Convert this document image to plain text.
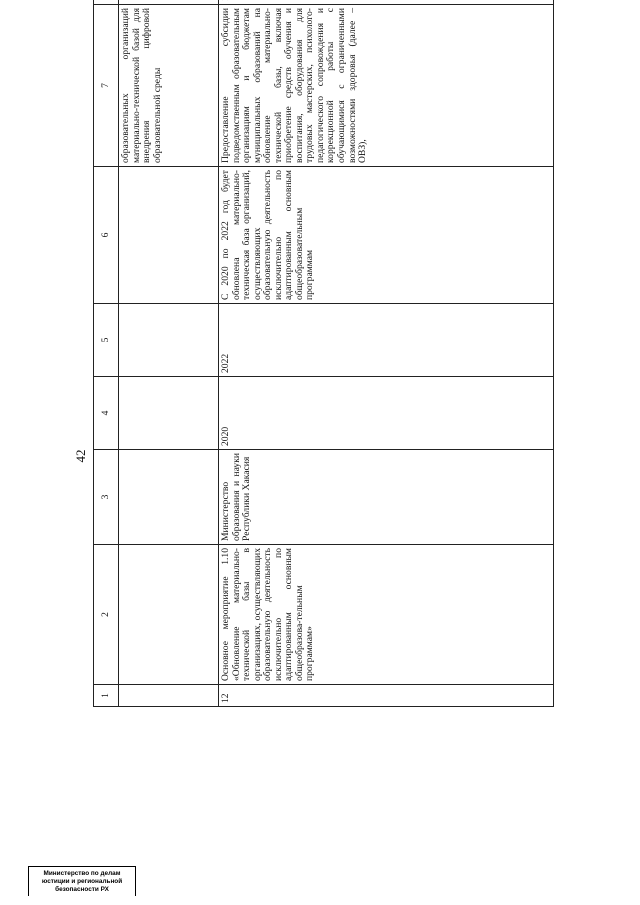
42
1	2	3	4	5	6	7	
						образовательных организаций материально-технической базой для внедрения цифровой образовательной среды	
12	Основное мероприятие 1.10 «Обновление материально-технической базы в организациях, осуществляющих образовательную деятельность исключительно по адаптированным основным общеобразова-тельным программам»	Министерство образования и науки Республики Хакасия	2020	2022	С 2020 по 2022 год будет обновлена материально-техническая база организаций, осуществляющих образовательную деятельность исключительно по адаптированным основным общеобразовательным программам	Предоставление субсидии подведомственным образовательным организациям и бюджетам муниципальных образований на обновление материально-технической базы, включая приобретение средств обучения и воспитания, оборудования для трудовых мастерских, психолого-педагогического сопровождения и коррекционной работы с обучающимися с ограниченными возможностями здоровья (далее – ОВЗ),	
Министерство по делам
юстиции и региональной
безопасности РХ
